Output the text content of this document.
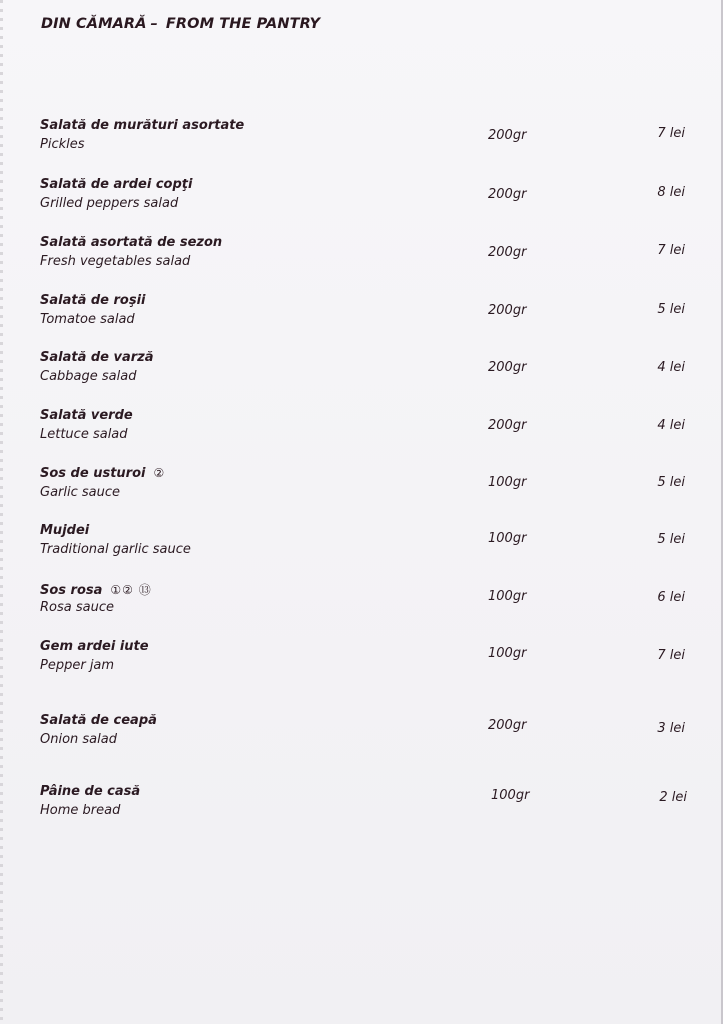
DIN CĂMARĂ – FROM THE PANTRY
Salată de murături asortate
Pickles
200gr	7 lei
Salată de ardei copţi
Grilled peppers salad
200gr	8 lei
Salată asortată de sezon
Fresh vegetables salad
200gr	7 lei
Salată de roşii
Tomatoe salad
200gr	5 lei
Salată de varză
Cabbage salad
200gr	4 lei
Salată verde
Lettuce salad
200gr	4 lei
Sos de usturoi ②
Garlic sauce
100gr	5 lei
Mujdei
Traditional garlic sauce
100gr	5 lei
Sos rosa ①② ⑬
Rosa sauce
100gr	6 lei
Gem ardei iute
Pepper jam
100gr	7 lei
Salată de ceapă
Onion salad
200gr	3 lei
Pâine de casă
Home bread
100gr	2 lei
